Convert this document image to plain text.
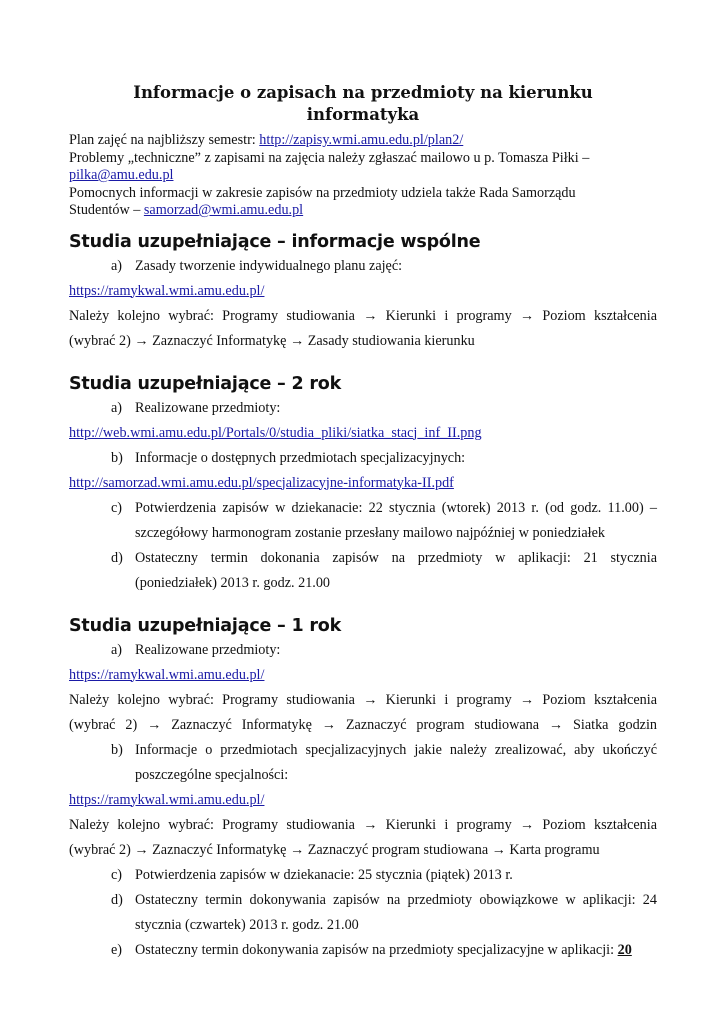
Informacje o zapisach na przedmioty na kierunku informatyka
Plan zajęć na najbliższy semestr: http://zapisy.wmi.amu.edu.pl/plan2/
Problemy „techniczne” z zapisami na zajęcia należy zgłaszać mailowo u p. Tomasza Piłki –
pilka@amu.edu.pl
Pomocnych informacji w zakresie zapisów na przedmioty udziela także Rada Samorządu
Studentów – samorzad@wmi.amu.edu.pl
Studia uzupełniające – informacje wspólne
a) Zasady tworzenie indywidualnego planu zajęć:
https://ramykwal.wmi.amu.edu.pl/
Należy kolejno wybrać: Programy studiowania → Kierunki i programy → Poziom kształcenia
(wybrać 2) → Zaznaczyć Informatykę → Zasady studiowania kierunku
Studia uzupełniające – 2 rok
a) Realizowane przedmioty:
http://web.wmi.amu.edu.pl/Portals/0/studia_pliki/siatka_stacj_inf_II.png
b) Informacje o dostępnych przedmiotach specjalizacyjnych:
http://samorzad.wmi.amu.edu.pl/specjalizacyjne-informatyka-II.pdf
c) Potwierdzenia zapisów w dziekanacie: 22 stycznia (wtorek) 2013 r. (od godz. 11.00) – szczegółowy harmonogram zostanie przesłany mailowo najpóźniej w poniedziałek
d) Ostateczny termin dokonania zapisów na przedmioty w aplikacji: 21 stycznia (poniedziałek) 2013 r. godz. 21.00
Studia uzupełniające – 1 rok
a) Realizowane przedmioty:
https://ramykwal.wmi.amu.edu.pl/
Należy kolejno wybrać: Programy studiowania → Kierunki i programy → Poziom kształcenia
(wybrać 2) → Zaznaczyć Informatykę → Zaznaczyć program studiowana → Siatka godzin
b) Informacje o przedmiotach specjalizacyjnych jakie należy zrealizować, aby ukończyć poszczególne specjalności:
https://ramykwal.wmi.amu.edu.pl/
Należy kolejno wybrać: Programy studiowania → Kierunki i programy → Poziom kształcenia
(wybrać 2) → Zaznaczyć Informatykę → Zaznaczyć program studiowana → Karta programu
c) Potwierdzenia zapisów w dziekanacie: 25 stycznia (piątek) 2013 r.
d) Ostateczny termin dokonywania zapisów na przedmioty obowiązkowe w aplikacji: 24 stycznia (czwartek) 2013 r. godz. 21.00
e) Ostateczny termin dokonywania zapisów na przedmioty specjalizacyjne w aplikacji: 20
